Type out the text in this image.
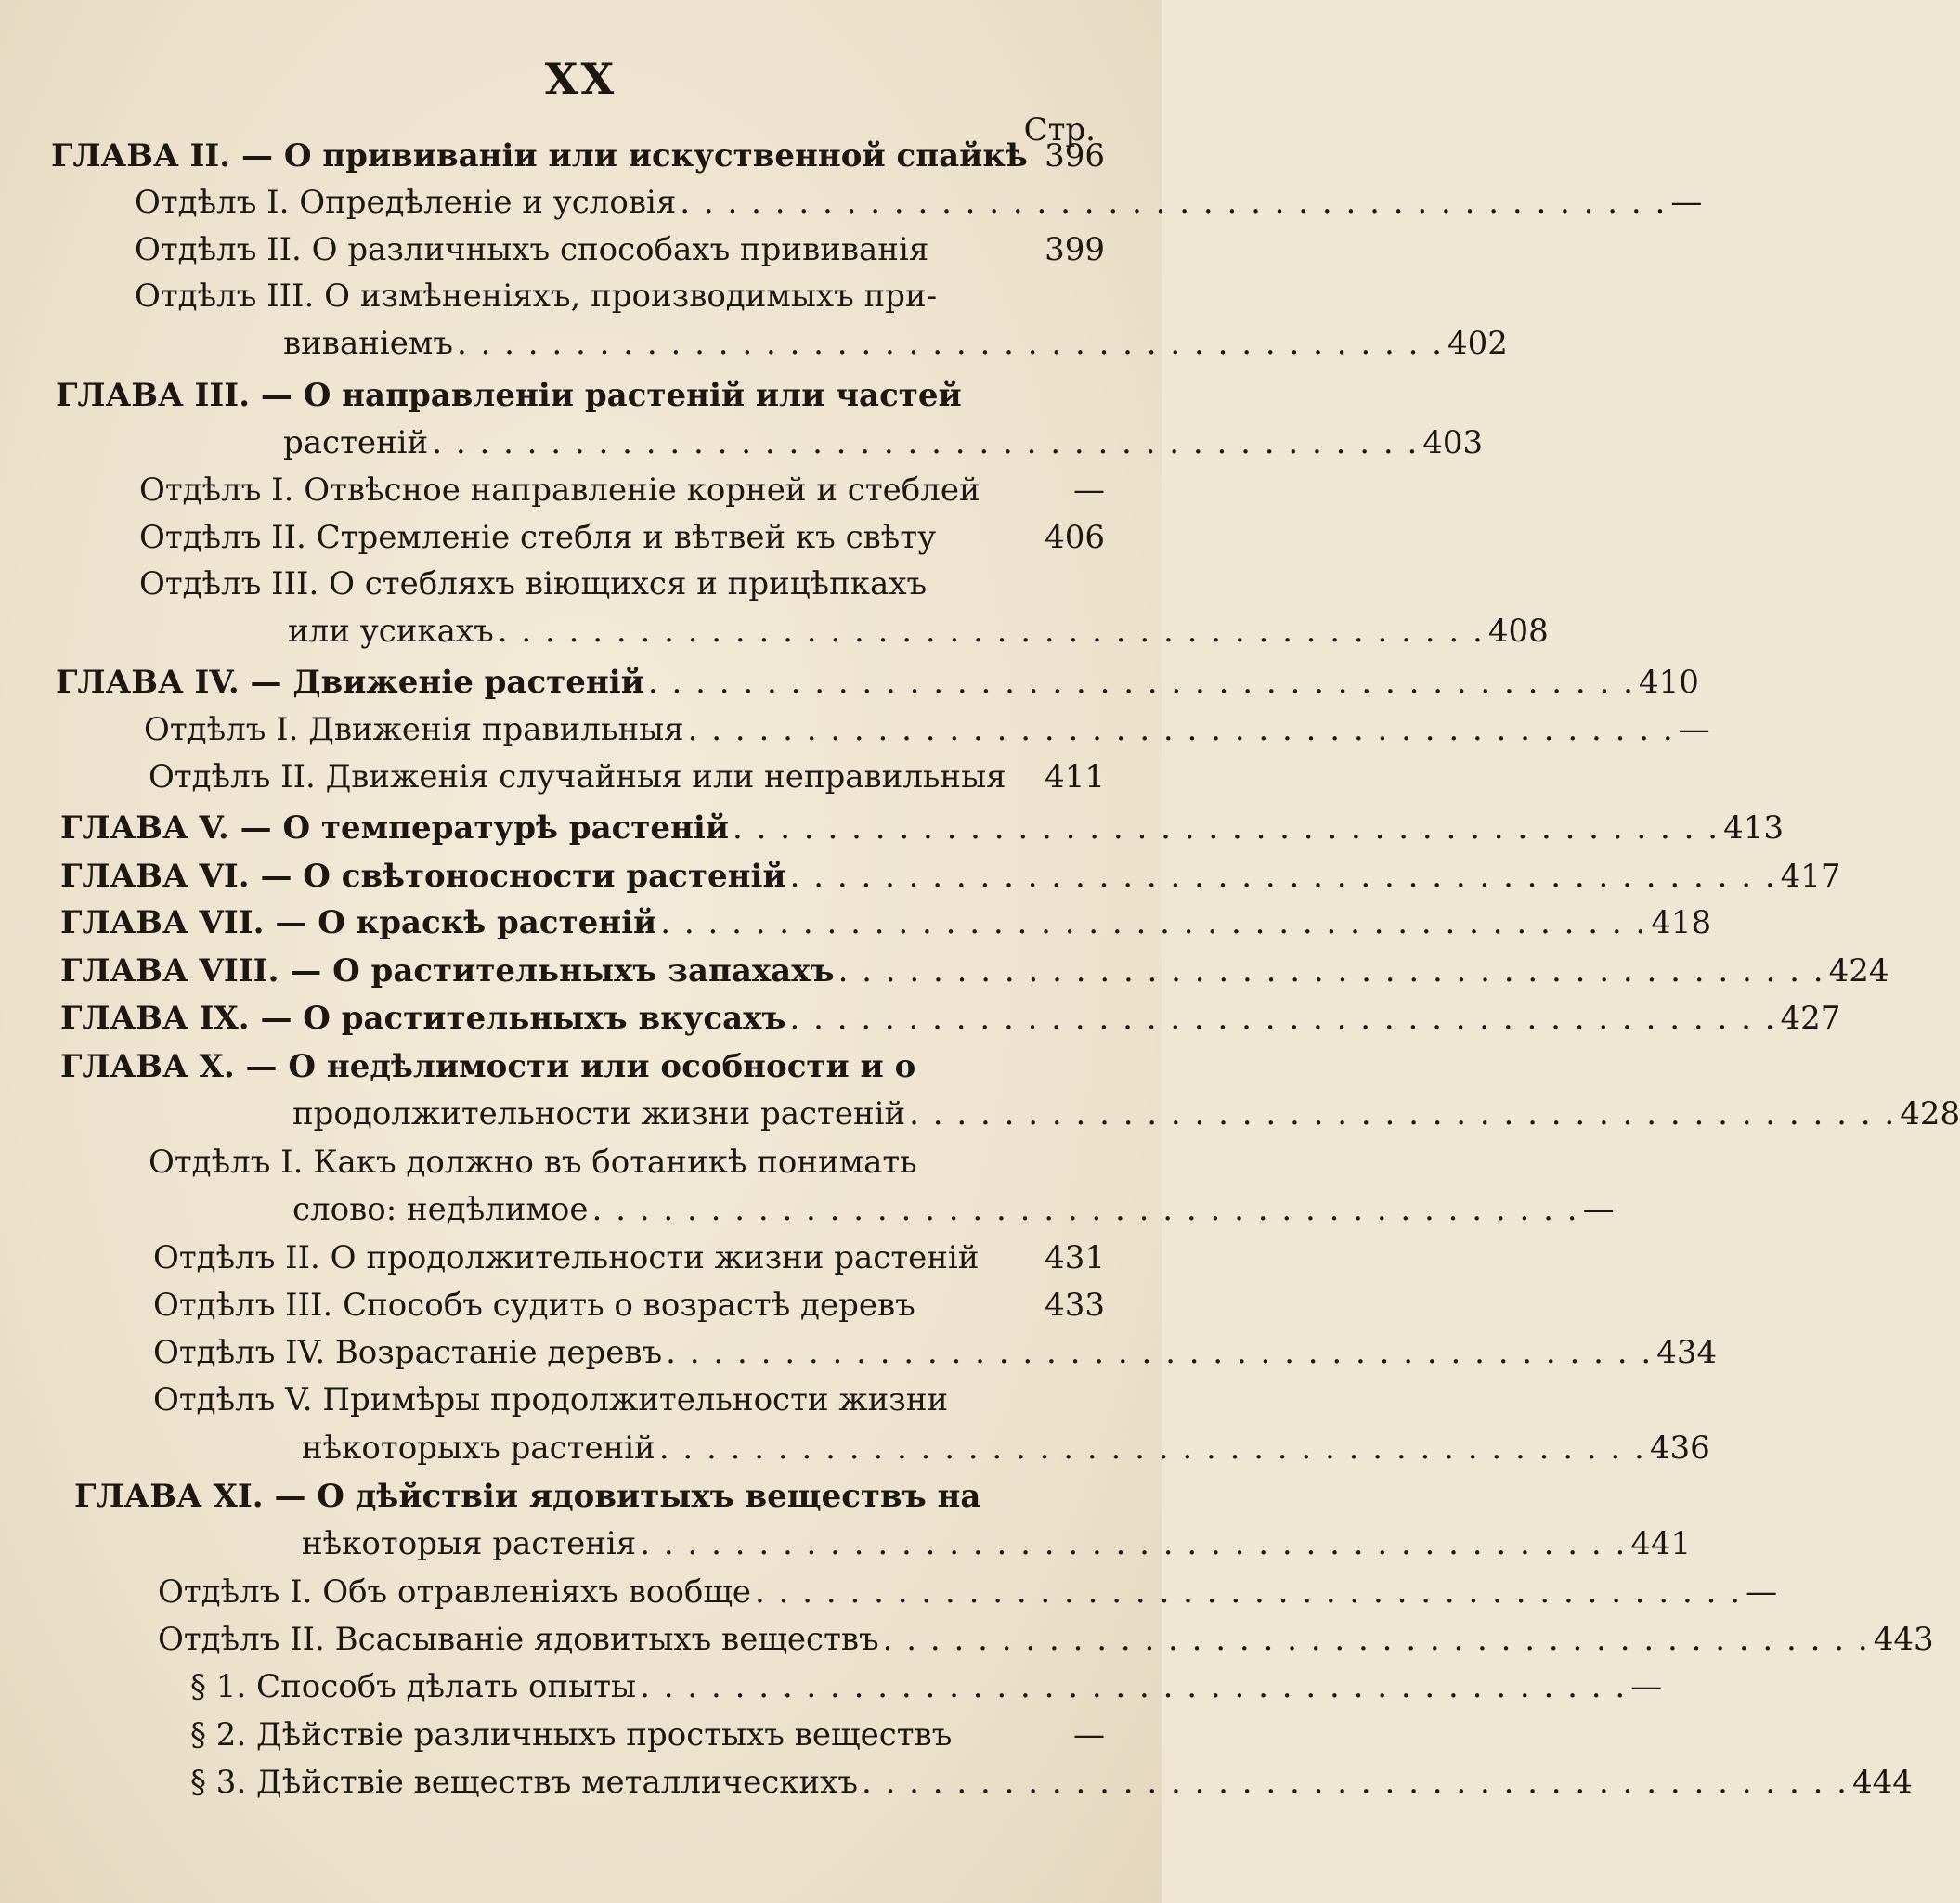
XX
Стр.
ГЛАВА II. — О прививаніи или искуственной спайкѣ 396
Отдѣлъ I. Опредѣленіе и условія . . . . . . . . . . . . . . . . . . . . . . . . . . . . . . . . . . . . . . . . . . —
Отдѣлъ II. О различныхъ способахъ прививанія	399
Отдѣлъ III. О измѣненіяхъ, производимыхъ при-
вивaніемъ . . . . . . . . . . . . . . . . . . . . . . . . . . . . . . . . . . . . . . . . . . 402
ГЛАВА III. — О направленіи растеній или частей
растеній . . . . . . . . . . . . . . . . . . . . . . . . . . . . . . . . . . . . . . . . . . 403
Отдѣлъ I. Отвѣсное направленіе корней и стеблей	—
Отдѣлъ II. Стремленіе стебля и вѣтвей къ свѣту	406
Отдѣлъ III. О стебляхъ віющихся и прицѣпкахъ
или усикахъ . . . . . . . . . . . . . . . . . . . . . . . . . . . . . . . . . . . . . . . . . . 408
ГЛАВА IV. — Движеніе растеній . . . . . . . . . . . . . . . . . . . . . . . . . . . . . . . . . . . . . . . . . . 410
Отдѣлъ I. Движенія правильныя . . . . . . . . . . . . . . . . . . . . . . . . . . . . . . . . . . . . . . . . . . —
Отдѣлъ II. Движенія случайныя или неправильныя 411
ГЛАВА V. — О температурѣ растеній . . . . . . . . . . . . . . . . . . . . . . . . . . . . . . . . . . . . . . . . . . 413
ГЛАВА VI. — О свѣтоносности растеній . . . . . . . . . . . . . . . . . . . . . . . . . . . . . . . . . . . . . . . . . . 417
ГЛАВА VII. — О краскѣ растеній . . . . . . . . . . . . . . . . . . . . . . . . . . . . . . . . . . . . . . . . . . 418
ГЛАВА VIII. — О растительныхъ запахахъ . . . . . . . . . . . . . . . . . . . . . . . . . . . . . . . . . . . . . . . . . . 424
ГЛАВА IX. — О растительныхъ вкусахъ . . . . . . . . . . . . . . . . . . . . . . . . . . . . . . . . . . . . . . . . . . 427
ГЛАВА X. — О недѣлимости или особности и о
продолжительности жизни растеній . . . . . . . . . . . . . . . . . . . . . . . . . . . . . . . . . . . . . . . . . . 428
Отдѣлъ I. Какъ должно въ ботаникѣ понимать
слово: недѣлимое . . . . . . . . . . . . . . . . . . . . . . . . . . . . . . . . . . . . . . . . . . —
Отдѣлъ II. О продолжительности жизни растеній 431
Отдѣлъ III. Способъ судить о возрастѣ деревъ	433
Отдѣлъ IV. Возрастаніе деревъ . . . . . . . . . . . . . . . . . . . . . . . . . . . . . . . . . . . . . . . . . . 434
Отдѣлъ V. Примѣры продолжительности жизни
нѣкоторыхъ растеній . . . . . . . . . . . . . . . . . . . . . . . . . . . . . . . . . . . . . . . . . . 436
ГЛАВА XI. — О дѣйствіи ядовитыхъ веществъ на
нѣкоторыя растенія . . . . . . . . . . . . . . . . . . . . . . . . . . . . . . . . . . . . . . . . . . 441
Отдѣлъ I. Объ отравленіяхъ вообще . . . . . . . . . . . . . . . . . . . . . . . . . . . . . . . . . . . . . . . . . . —
Отдѣлъ II. Всасываніе ядовитыхъ веществъ . . . . . . . . . . . . . . . . . . . . . . . . . . . . . . . . . . . . . . . . . . 443
§ 1. Способъ дѣлать опыты . . . . . . . . . . . . . . . . . . . . . . . . . . . . . . . . . . . . . . . . . . —
§ 2. Дѣйствіе различныхъ простыхъ веществъ	—
§ 3. Дѣйствіе веществъ металлическихъ . . . . . . . . . . . . . . . . . . . . . . . . . . . . . . . . . . . . . . . . . . 444
